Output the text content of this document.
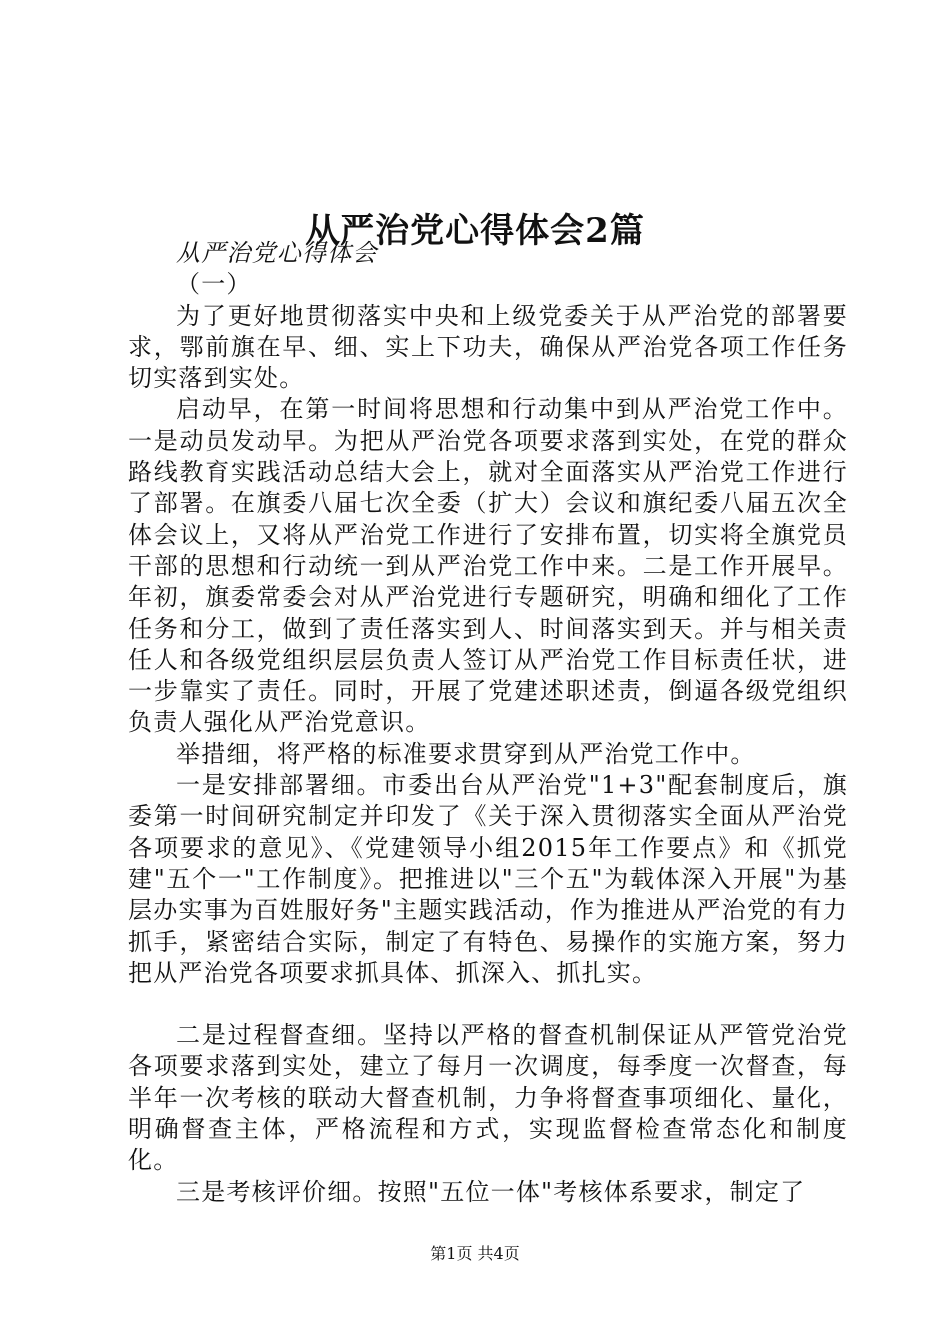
从严治党心得体会2篇

从严治党心得体会

（一）

为了更好地贯彻落实中央和上级党委关于从严治党的部署要求，鄂前旗在早、细、实上下功夫，确保从严治党各项工作任务切实落到实处。

启动早，在第一时间将思想和行动集中到从严治党工作中。一是动员发动早。为把从严治党各项要求落到实处，在党的群众路线教育实践活动总结大会上，就对全面落实从严治党工作进行了部署。在旗委八届七次全委（扩大）会议和旗纪委八届五次全体会议上，又将从严治党工作进行了安排布置，切实将全旗党员干部的思想和行动统一到从严治党工作中来。二是工作开展早。年初，旗委常委会对从严治党进行专题研究，明确和细化了工作任务和分工，做到了责任落实到人、时间落实到天。并与相关责任人和各级党组织层层负责人签订从严治党工作目标责任状，进一步靠实了责任。同时，开展了党建述职述责，倒逼各级党组织负责人强化从严治党意识。

举措细，将严格的标准要求贯穿到从严治党工作中。

一是安排部署细。市委出台从严治党"1+3"配套制度后，旗委第一时间研究制定并印发了《关于深入贯彻落实全面从严治党各项要求的意见》、《党建领导小组2015年工作要点》和《抓党建"五个一"工作制度》。把推进以"三个五"为载体深入开展"为基层办实事为百姓服好务"主题实践活动，作为推进从严治党的有力抓手，紧密结合实际，制定了有特色、易操作的实施方案，努力把从严治党各项要求抓具体、抓深入、抓扎实。

二是过程督查细。坚持以严格的督查机制保证从严管党治党各项要求落到实处，建立了每月一次调度，每季度一次督查，每半年一次考核的联动大督查机制，力争将督查事项细化、量化，明确督查主体，严格流程和方式，实现监督检查常态化和制度化。

三是考核评价细。按照"五位一体"考核体系要求，制定了

第1页 共4页
